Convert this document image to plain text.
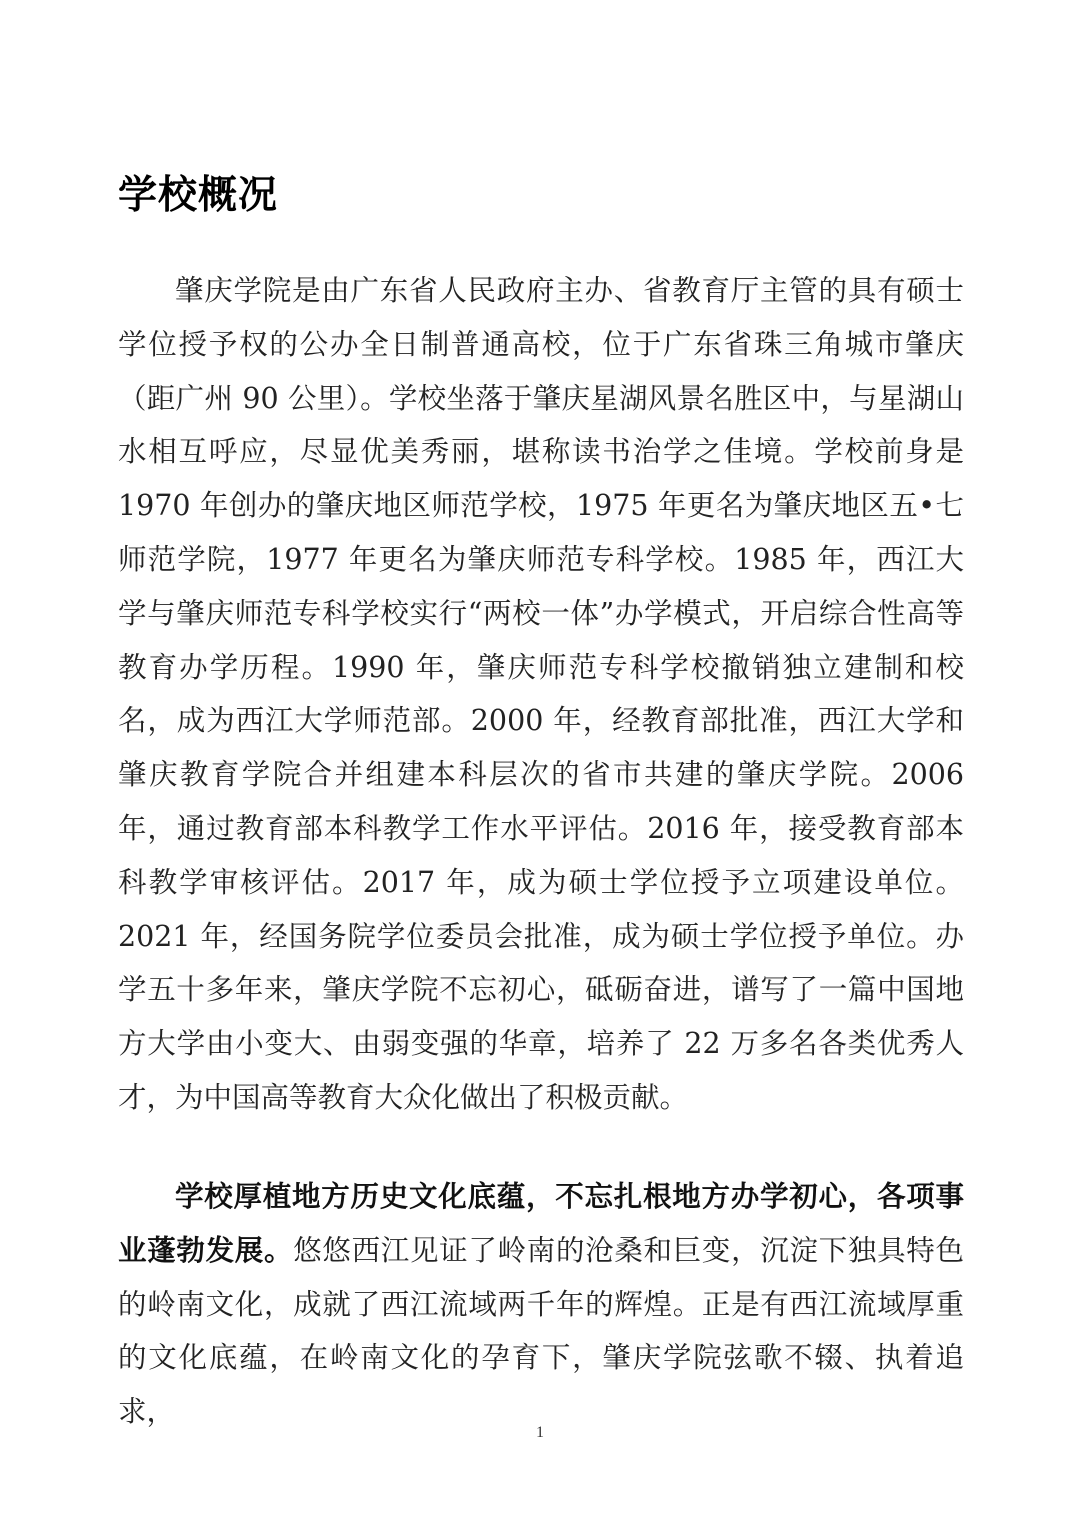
学校概况

肇庆学院是由广东省人民政府主办、省教育厅主管的具有硕士学位授予权的公办全日制普通高校，位于广东省珠三角城市肇庆（距广州 90 公里）。学校坐落于肇庆星湖风景名胜区中，与星湖山水相互呼应，尽显优美秀丽，堪称读书治学之佳境。学校前身是 1970 年创办的肇庆地区师范学校，1975 年更名为肇庆地区五•七师范学院，1977 年更名为肇庆师范专科学校。1985 年，西江大学与肇庆师范专科学校实行“两校一体”办学模式，开启综合性高等教育办学历程。1990 年，肇庆师范专科学校撤销独立建制和校名，成为西江大学师范部。2000 年，经教育部批准，西江大学和肇庆教育学院合并组建本科层次的省市共建的肇庆学院。2006 年，通过教育部本科教学工作水平评估。2016 年，接受教育部本科教学审核评估。2017 年，成为硕士学位授予立项建设单位。2021 年，经国务院学位委员会批准，成为硕士学位授予单位。办学五十多年来，肇庆学院不忘初心，砥砺奋进，谱写了一篇中国地方大学由小变大、由弱变强的华章，培养了 22 万多名各类优秀人才，为中国高等教育大众化做出了积极贡献。

学校厚植地方历史文化底蕴，不忘扎根地方办学初心，各项事业蓬勃发展。悠悠西江见证了岭南的沧桑和巨变，沉淀下独具特色的岭南文化，成就了西江流域两千年的辉煌。正是有西江流域厚重的文化底蕴，在岭南文化的孕育下，肇庆学院弦歌不辍、执着追求，

1
